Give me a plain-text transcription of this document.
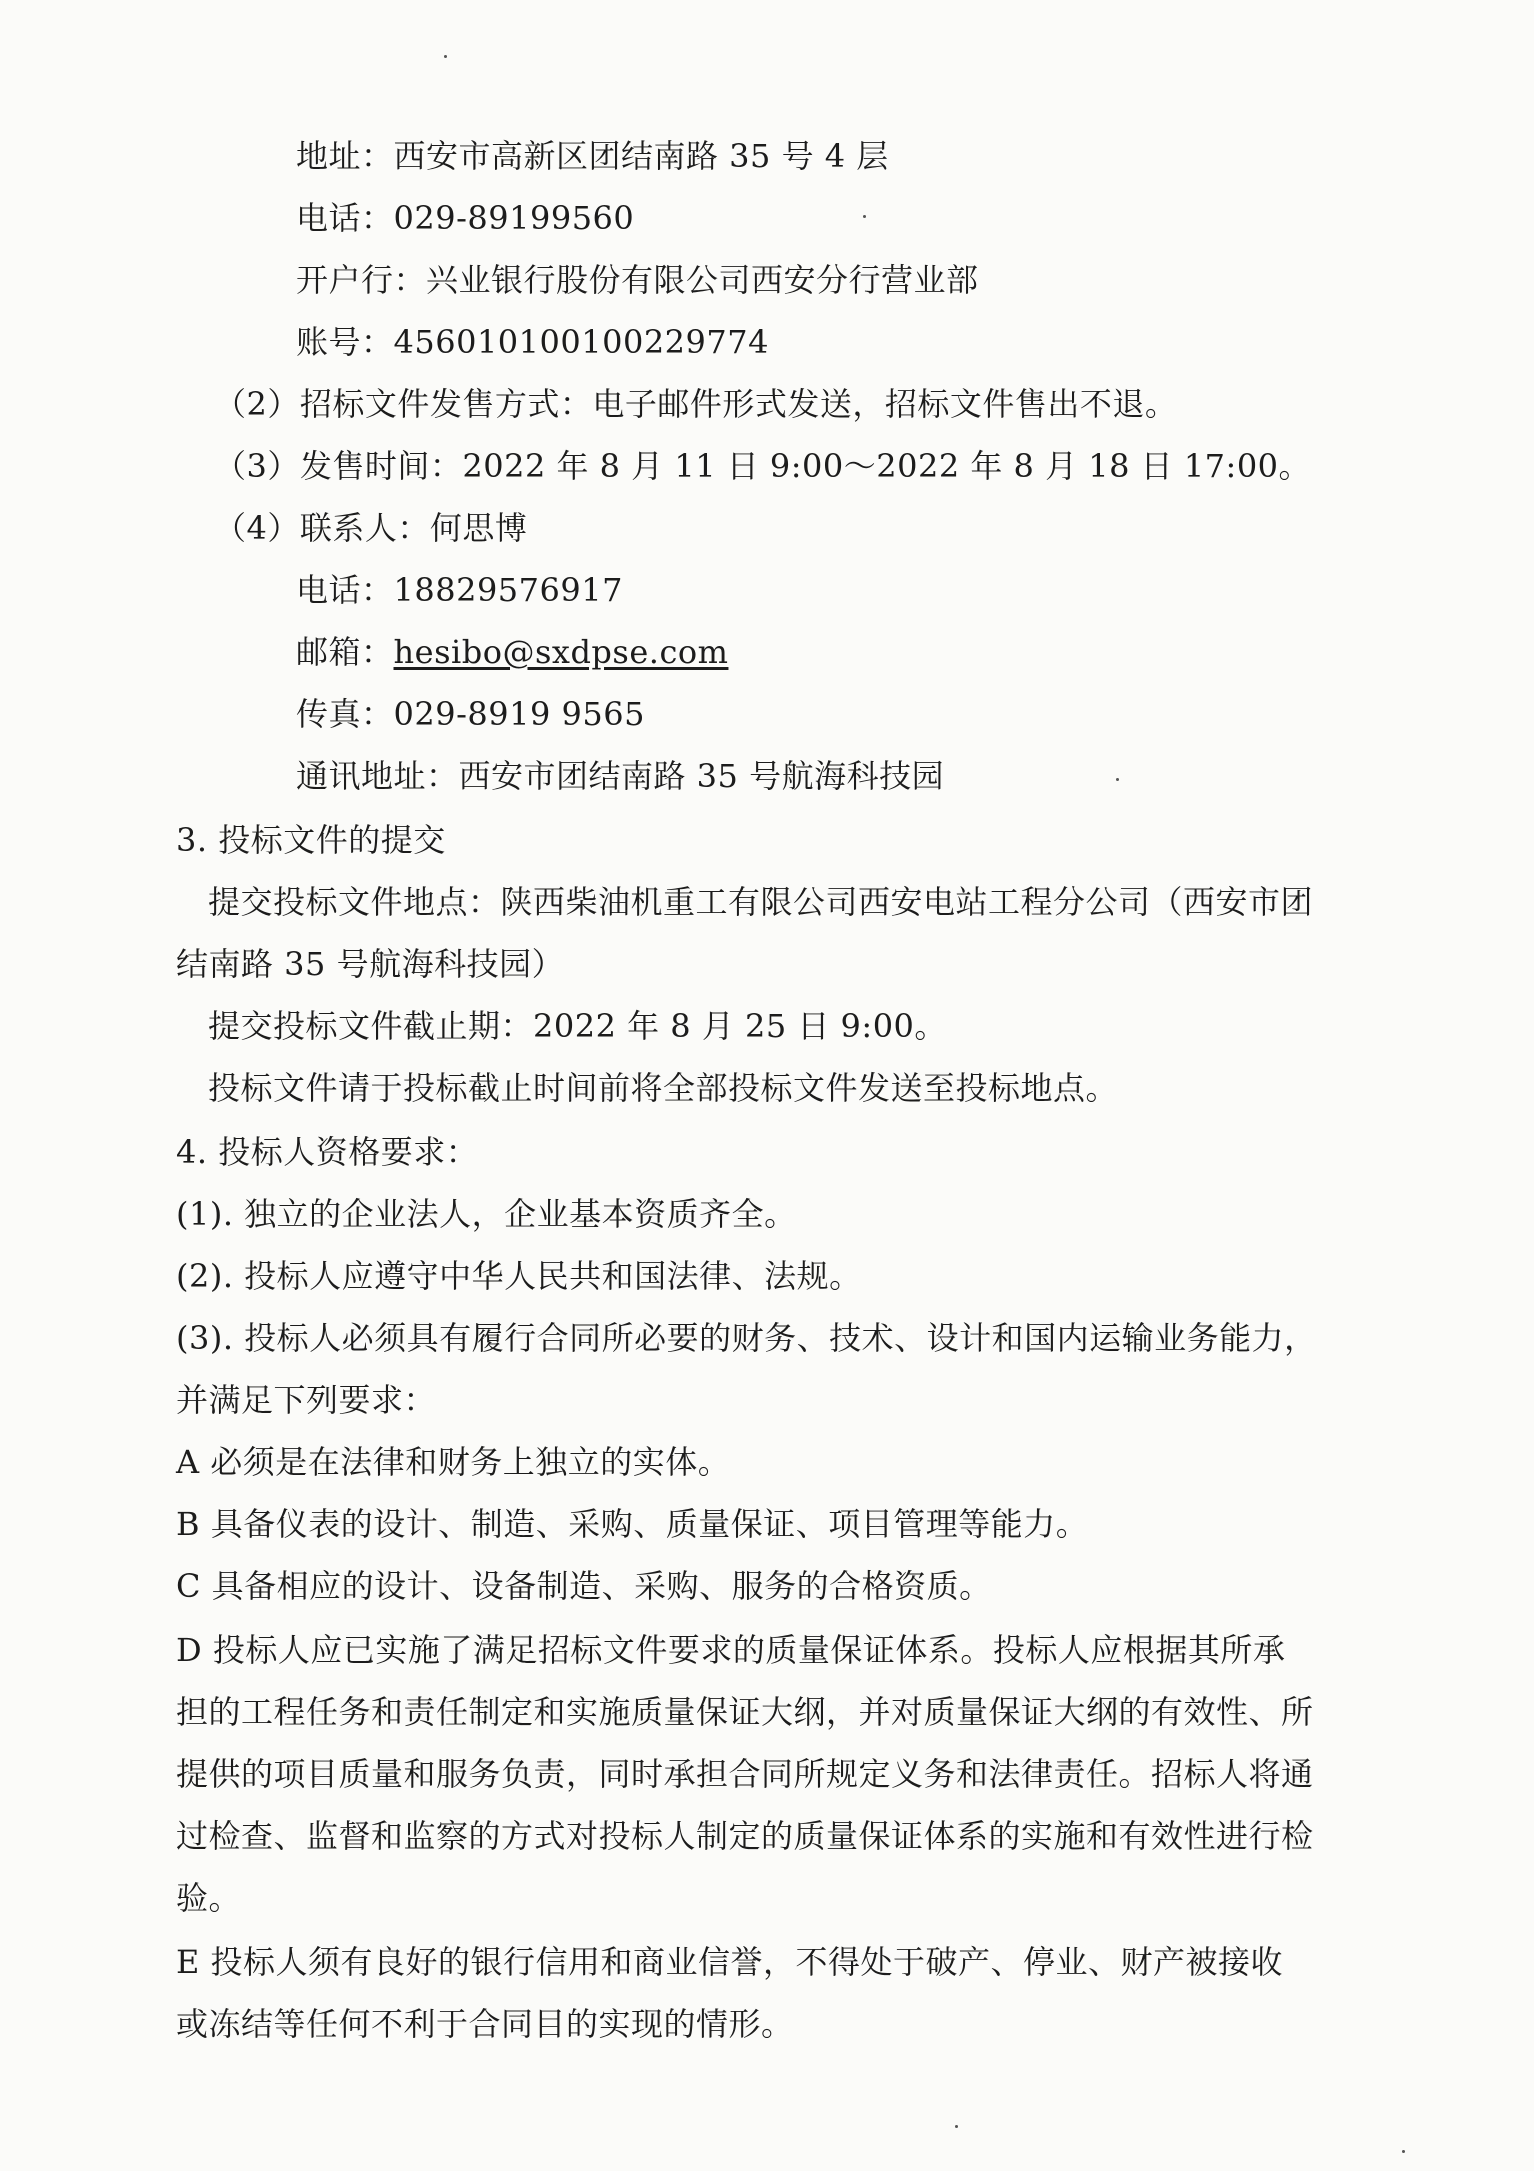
地址：西安市高新区团结南路 35 号 4 层
电话：029-89199560
开户行：兴业银行股份有限公司西安分行营业部
账号：456010100100229774
（2）招标文件发售方式：电子邮件形式发送，招标文件售出不退。
（3）发售时间：2022 年 8 月 11 日 9:00～2022 年 8 月 18 日 17:00。
（4）联系人：何思博
电话：18829576917
邮箱：hesibo@sxdpse.com
传真：029-8919 9565
通讯地址：西安市团结南路 35 号航海科技园
3. 投标文件的提交
提交投标文件地点：陕西柴油机重工有限公司西安电站工程分公司（西安市团
结南路 35 号航海科技园）
提交投标文件截止期：2022 年 8 月 25 日 9:00。
投标文件请于投标截止时间前将全部投标文件发送至投标地点。
4. 投标人资格要求：
(1). 独立的企业法人，企业基本资质齐全。
(2). 投标人应遵守中华人民共和国法律、法规。
(3). 投标人必须具有履行合同所必要的财务、技术、设计和国内运输业务能力，
并满足下列要求：
A 必须是在法律和财务上独立的实体。
B 具备仪表的设计、制造、采购、质量保证、项目管理等能力。
C 具备相应的设计、设备制造、采购、服务的合格资质。
D 投标人应已实施了满足招标文件要求的质量保证体系。投标人应根据其所承
担的工程任务和责任制定和实施质量保证大纲，并对质量保证大纲的有效性、所
提供的项目质量和服务负责，同时承担合同所规定义务和法律责任。招标人将通
过检查、监督和监察的方式对投标人制定的质量保证体系的实施和有效性进行检
验。
E 投标人须有良好的银行信用和商业信誉，不得处于破产、停业、财产被接收
或冻结等任何不利于合同目的实现的情形。
